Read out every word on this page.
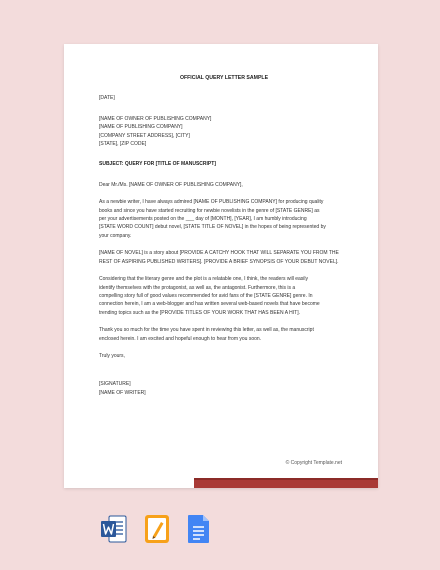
OFFICIAL QUERY LETTER SAMPLE
[DATE]
[NAME OF OWNER OF PUBLISHING COMPANY]
[NAME OF PUBLISHING COMPANY]
[COMPANY STREET ADDRESS], [CITY]
[STATE], [ZIP CODE]
SUBJECT: QUERY FOR [TITLE OF MANUSCRIPT]
Dear Mr./Ms. [NAME OF OWNER OF PUBLISHING COMPANY],
As a newbie writer, I have always admired [NAME OF PUBLISHING COMPANY] for producing quality
books and since you have started recruiting for newbie novelists in the genre of [STATE GENRE] as
per your advertisements posted on the ___ day of [MONTH], [YEAR], I am humbly introducing
[STATE WORD COUNT] debut novel, [STATE TITLE OF NOVEL] in the hopes of being represented by
your company.
[NAME OF NOVEL] is a story about [PROVIDE A CATCHY HOOK THAT WILL SEPARATE YOU FROM THE
REST OF ASPIRING PUBLISHED WRITERS]. [PROVIDE A BRIEF SYNOPSIS OF YOUR DEBUT NOVEL].
Considering that the literary genre and the plot is a relatable one, I think, the readers will easily
identify themselves with the protagonist, as well as, the antagonist. Furthermore, this is a
compelling story full of good values recommended for avid fans of the [STATE GENRE] genre. In
connection herein, I am a web-blogger and has written several web-based novels that have become
trending topics such as the [PROVIDE TITLES OF YOUR WORK THAT HAS BEEN A HIT].
Thank you so much for the time you have spent in reviewing this letter, as well as, the manuscript
enclosed herein. I am excited and hopeful enough to hear from you soon.
Truly yours,
[SIGNATURE]
[NAME OF WRITER]
© Copyright Template.net
